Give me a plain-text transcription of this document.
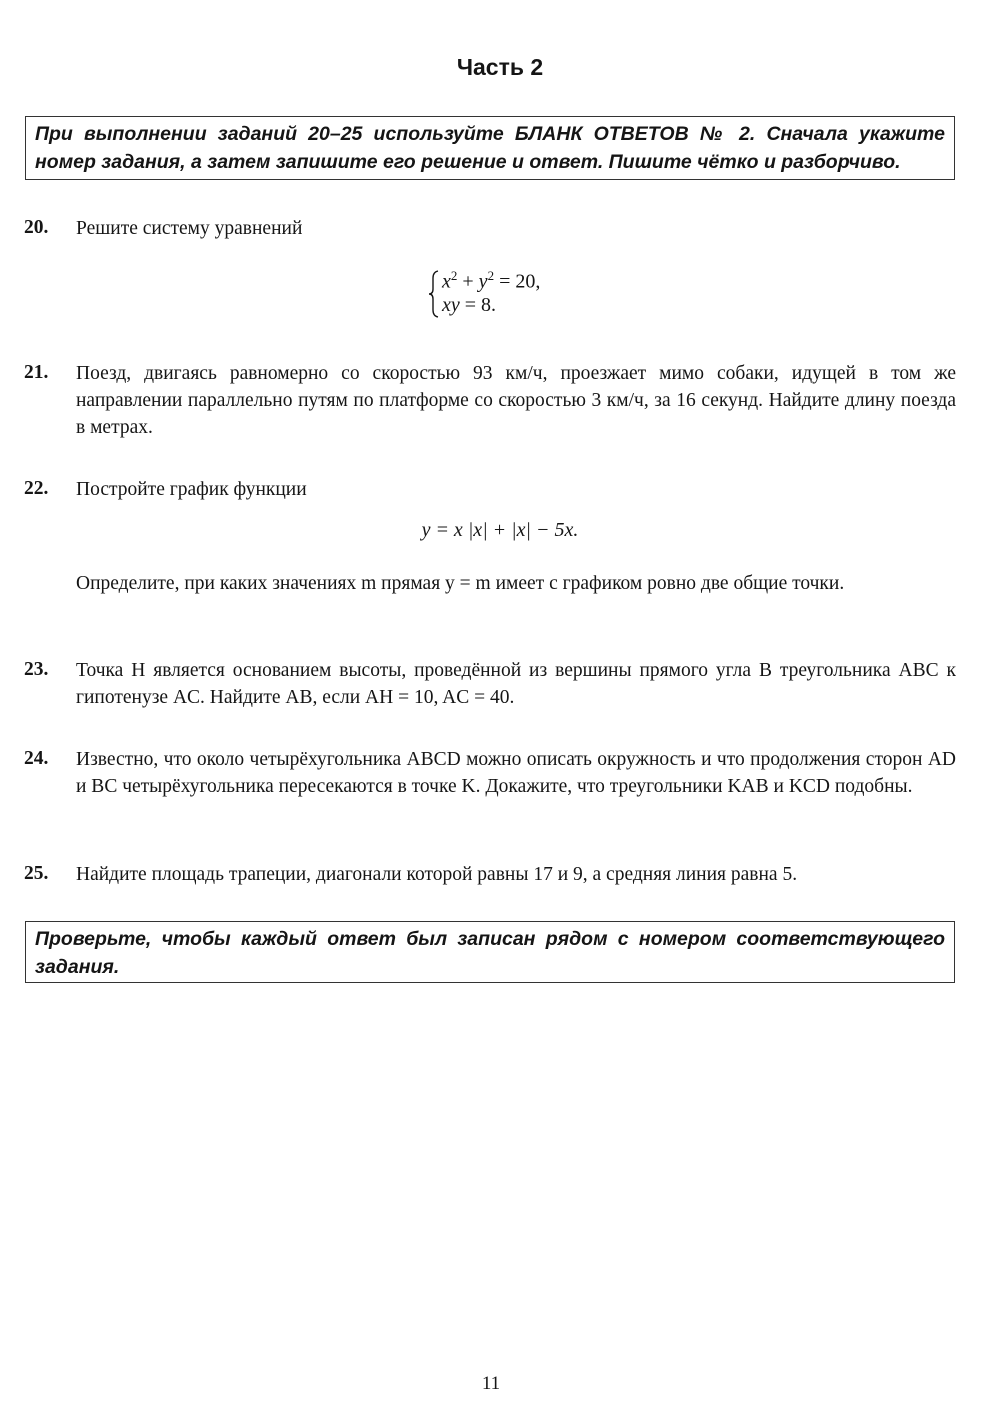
Часть 2
При выполнении заданий 20–25 используйте БЛАНК ОТВЕТОВ № 2. Сначала укажите номер задания, а затем запишите его решение и ответ. Пишите чётко и разборчиво.
20. Решите систему уравнений
$x^2 + y^2 = 20$,
xy = 8.
21. Поезд, двигаясь равномерно со скоростью 93 км/ч, проезжает мимо собаки, идущей в том же направлении параллельно путям по платформе со скоростью 3 км/ч, за 16 секунд. Найдите длину поезда в метрах.
22. Постройте график функции
y = x |x| + |x| − 5x.
Определите, при каких значениях m прямая y = m имеет с графиком ровно две общие точки.
23. Точка H является основанием высоты, проведённой из вершины прямого угла B треугольника ABC к гипотенузе AC. Найдите AB, если AH = 10, AC = 40.
24. Известно, что около четырёхугольника ABCD можно описать окружность и что продолжения сторон AD и BC четырёхугольника пересекаются в точке K. Докажите, что треугольники KAB и KCD подобны.
25. Найдите площадь трапеции, диагонали которой равны 17 и 9, а средняя линия равна 5.
Проверьте, чтобы каждый ответ был записан рядом с номером соответствующего задания.
11
